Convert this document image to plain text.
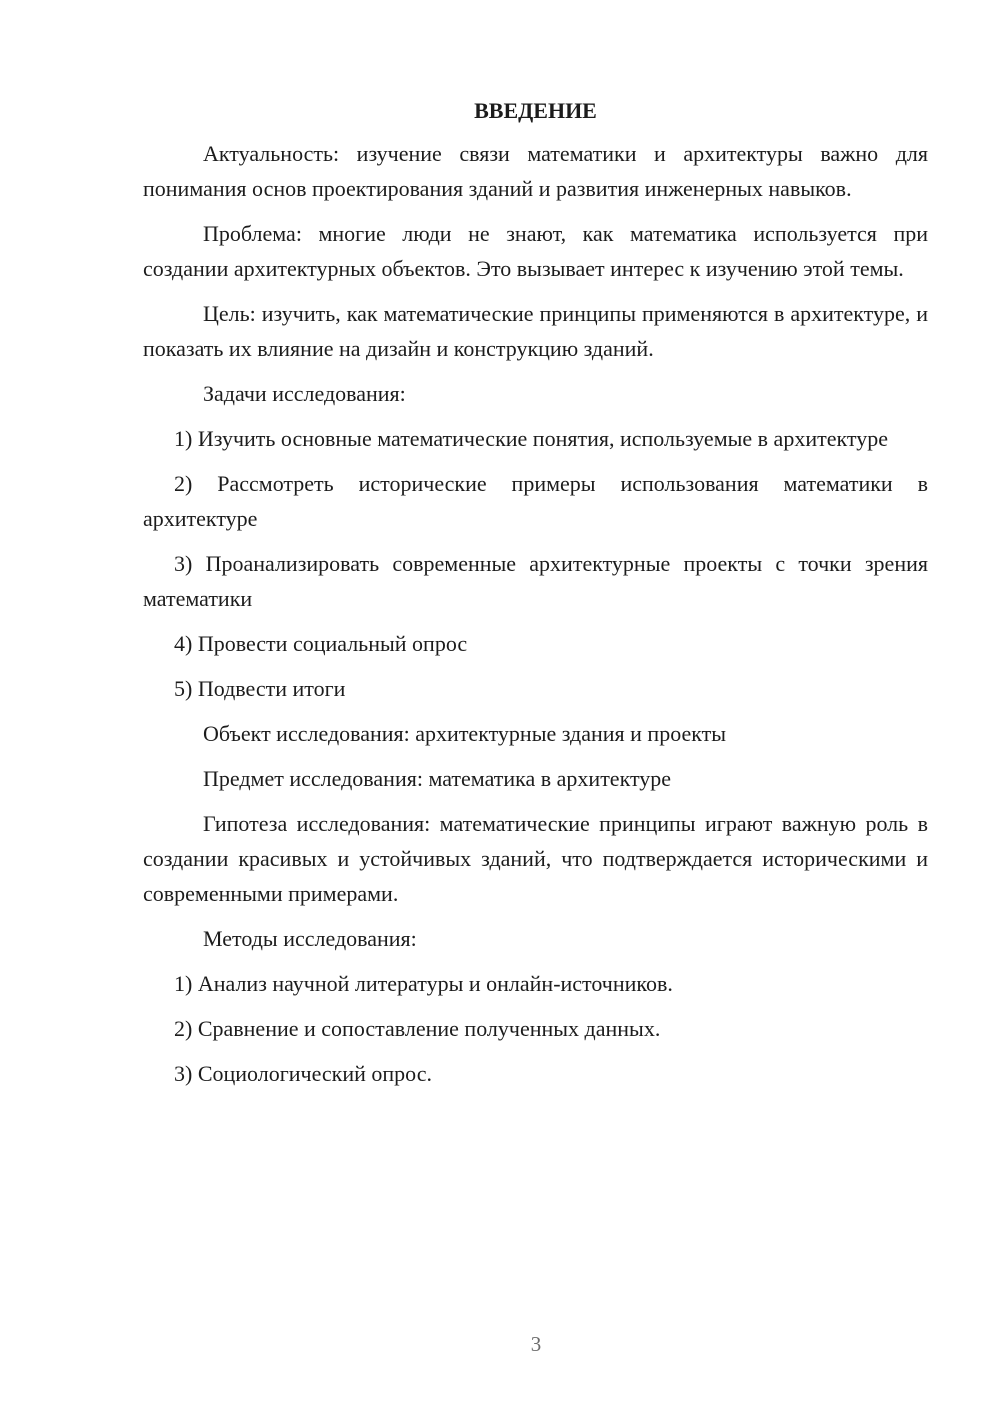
ВВЕДЕНИЕ

Актуальность: изучение связи математики и архитектуры важно для понимания основ проектирования зданий и развития инженерных навыков.

Проблема: многие люди не знают, как математика используется при создании архитектурных объектов. Это вызывает интерес к изучению этой темы.

Цель: изучить, как математические принципы применяются в архитектуре, и показать их влияние на дизайн и конструкцию зданий.

Задачи исследования:

1) Изучить основные математические понятия, используемые в архитектуре

2) Рассмотреть исторические примеры использования математики в архитектуре

3) Проанализировать современные архитектурные проекты с точки зрения математики

4) Провести социальный опрос

5) Подвести итоги

Объект исследования: архитектурные здания и проекты

Предмет исследования: математика в архитектуре

Гипотеза исследования: математические принципы играют важную роль в создании красивых и устойчивых зданий, что подтверждается историческими и современными примерами.

Методы исследования:

1) Анализ научной литературы и онлайн-источников.

2) Сравнение и сопоставление полученных данных.

3) Социологический опрос.

3
